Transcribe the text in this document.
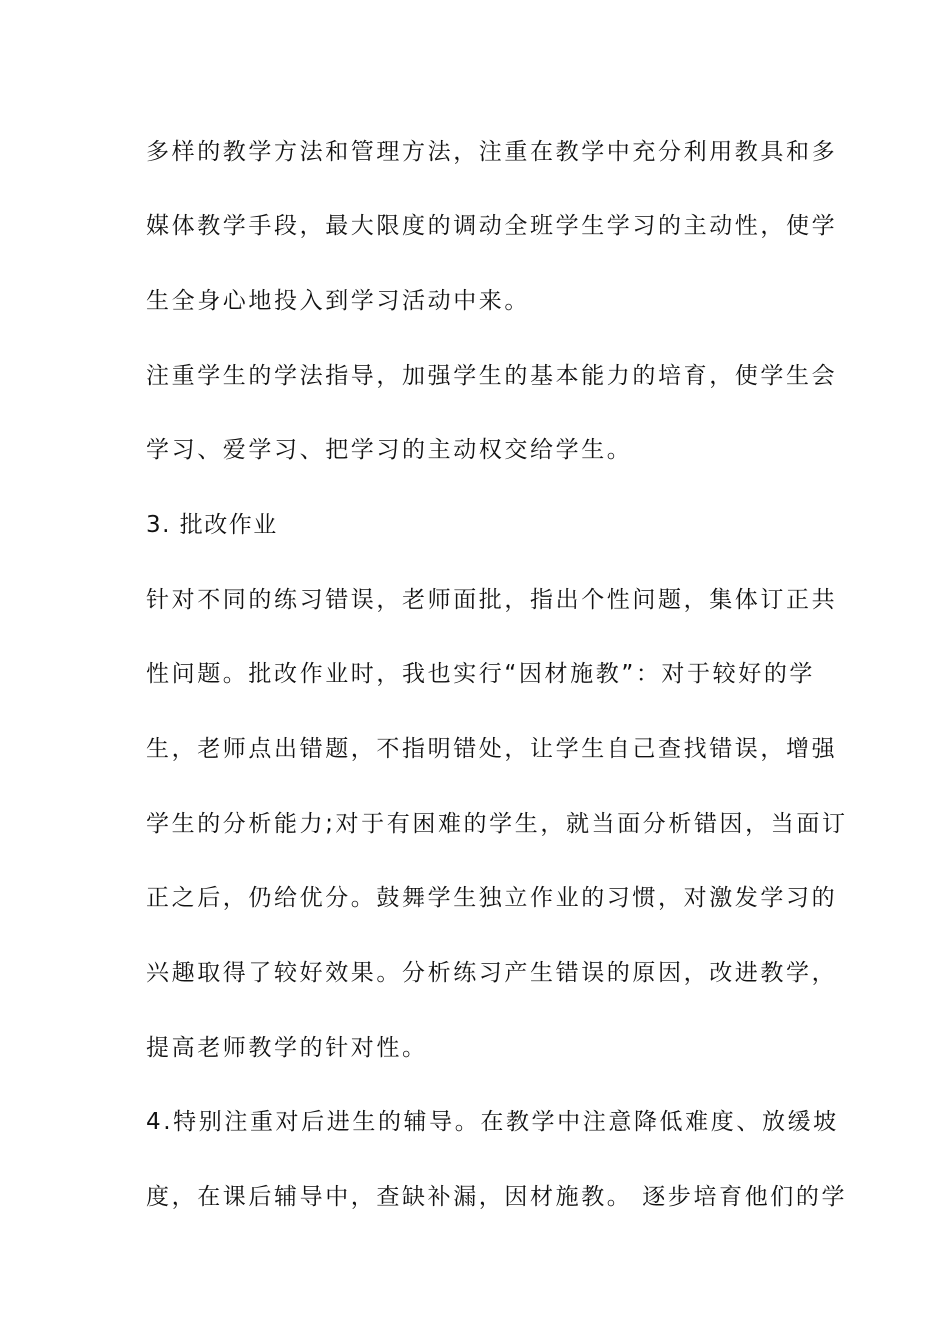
多样的教学方法和管理方法，注重在教学中充分利用教具和多
媒体教学手段，最大限度的调动全班学生学习的主动性，使学
生全身心地投入到学习活动中来。
注重学生的学法指导，加强学生的基本能力的培育，使学生会
学习、爱学习、把学习的主动权交给学生。
3. 批改作业
针对不同的练习错误，老师面批，指出个性问题，集体订正共
性问题。批改作业时，我也实行“因材施教”：对于较好的学
生，老师点出错题，不指明错处，让学生自己查找错误，增强
学生的分析能力;对于有困难的学生，就当面分析错因，当面订
正之后，仍给优分。鼓舞学生独立作业的习惯，对激发学习的
兴趣取得了较好效果。分析练习产生错误的原因，改进教学，
提高老师教学的针对性。
4.特别注重对后进生的辅导。在教学中注意降低难度、放缓坡
度，在课后辅导中，查缺补漏，因材施教。 逐步培育他们的学
